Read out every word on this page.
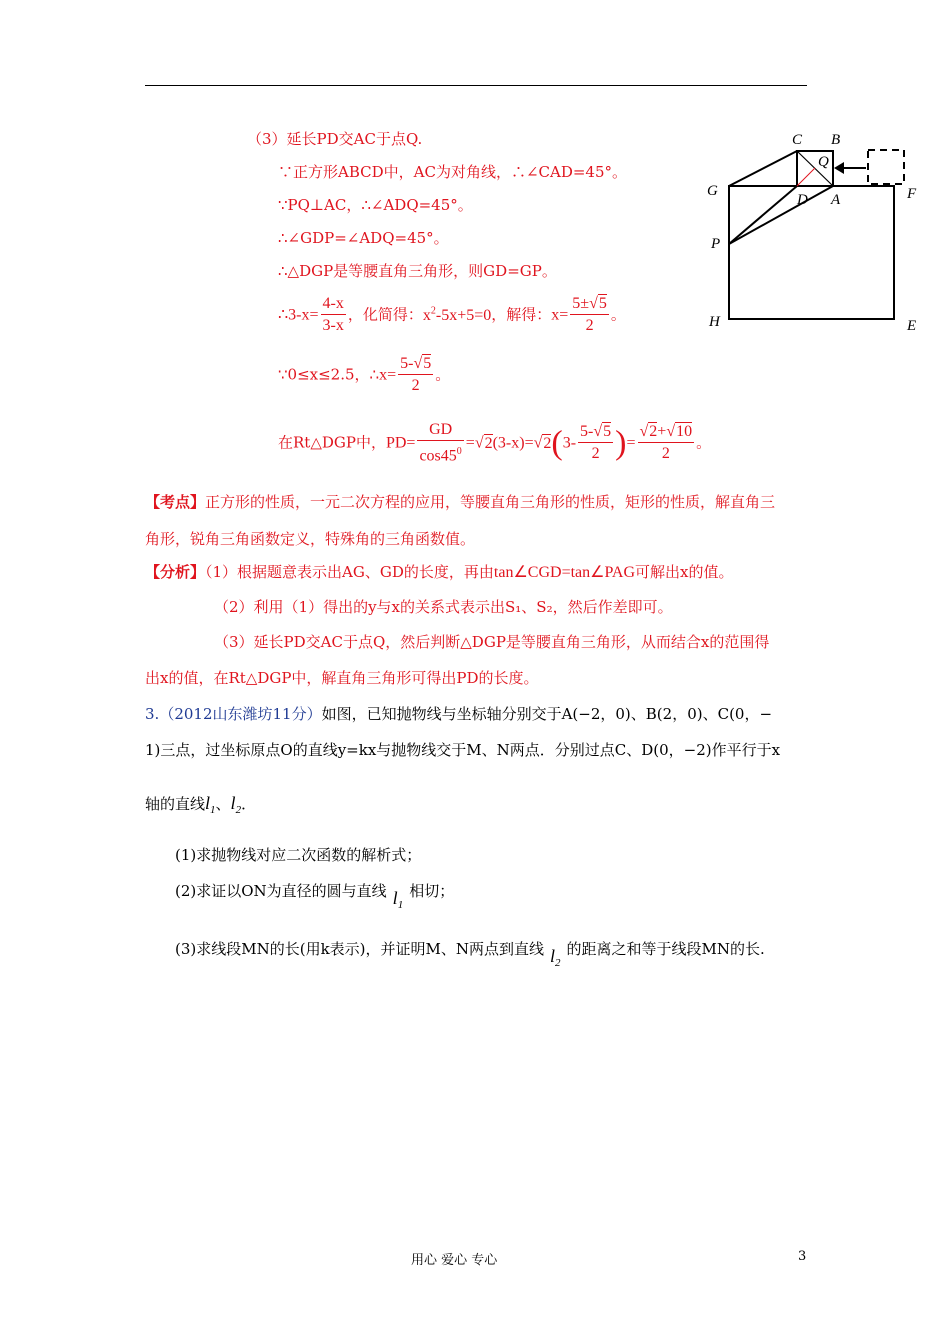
（3）延长PD交AC于点Q.
∵正方形ABCD中，AC为对角线，∴∠CAD=45°。
∵PQ⊥AC，∴∠ADQ=45°。
∴∠GDP=∠ADQ=45°。
∴△DGP是等腰直角三角形，则GD=GP。
∴3-x= $\frac{4-x}{3-x}$ ，化简得：$x^2-5x+5=0$，解得：$x= \frac{5\pm√5}{2}$ 。
∵0≤x≤2.5，∴x= $\frac{5-√5}{2}$ 。
在Rt△DGP中，$PD= \frac{GD}{\cos 45^0} =√2(3-x)=√2(3- \frac{5-√5}{2}$ )= $\frac{√2+√10}{2}$ 。
C B
Q
G
D A	F
P
H	E
【考点】正方形的性质，一元二次方程的应用，等腰直角三角形的性质，矩形的性质，解直角三
角形，锐角三角函数定义，特殊角的三角函数值。
【分析】（1）根据题意表示出AG、GD的长度，再由tan∠CGD=tan∠PAG可解出x的值。
（2）利用（1）得出的y与x的关系式表示出S₁、S₂，然后作差即可。
（3）延长PD交AC于点Q，然后判断△DGP是等腰直角三角形，从而结合x的范围得
出x的值，在Rt△DGP中，解直角三角形可得出PD的长度。
3.（2012山东潍坊11分）如图，已知抛物线与坐标轴分别交于A(−2，0)、B(2，0)、C(0，−
1)三点，过坐标原点O的直线y=kx与抛物线交于M、N两点．分别过点C、D(0，−2)作平行于x
轴的直线$l_1$、$l_2$．
(1)求抛物线对应二次函数的解析式；
(2)求证以ON为直径的圆与直线 $l_1$相切；
(3)求线段MN的长(用k表示)，并证明M、N两点到直线 $l_2$的距离之和等于线段MN的长.
用心 爱心 专心	3
